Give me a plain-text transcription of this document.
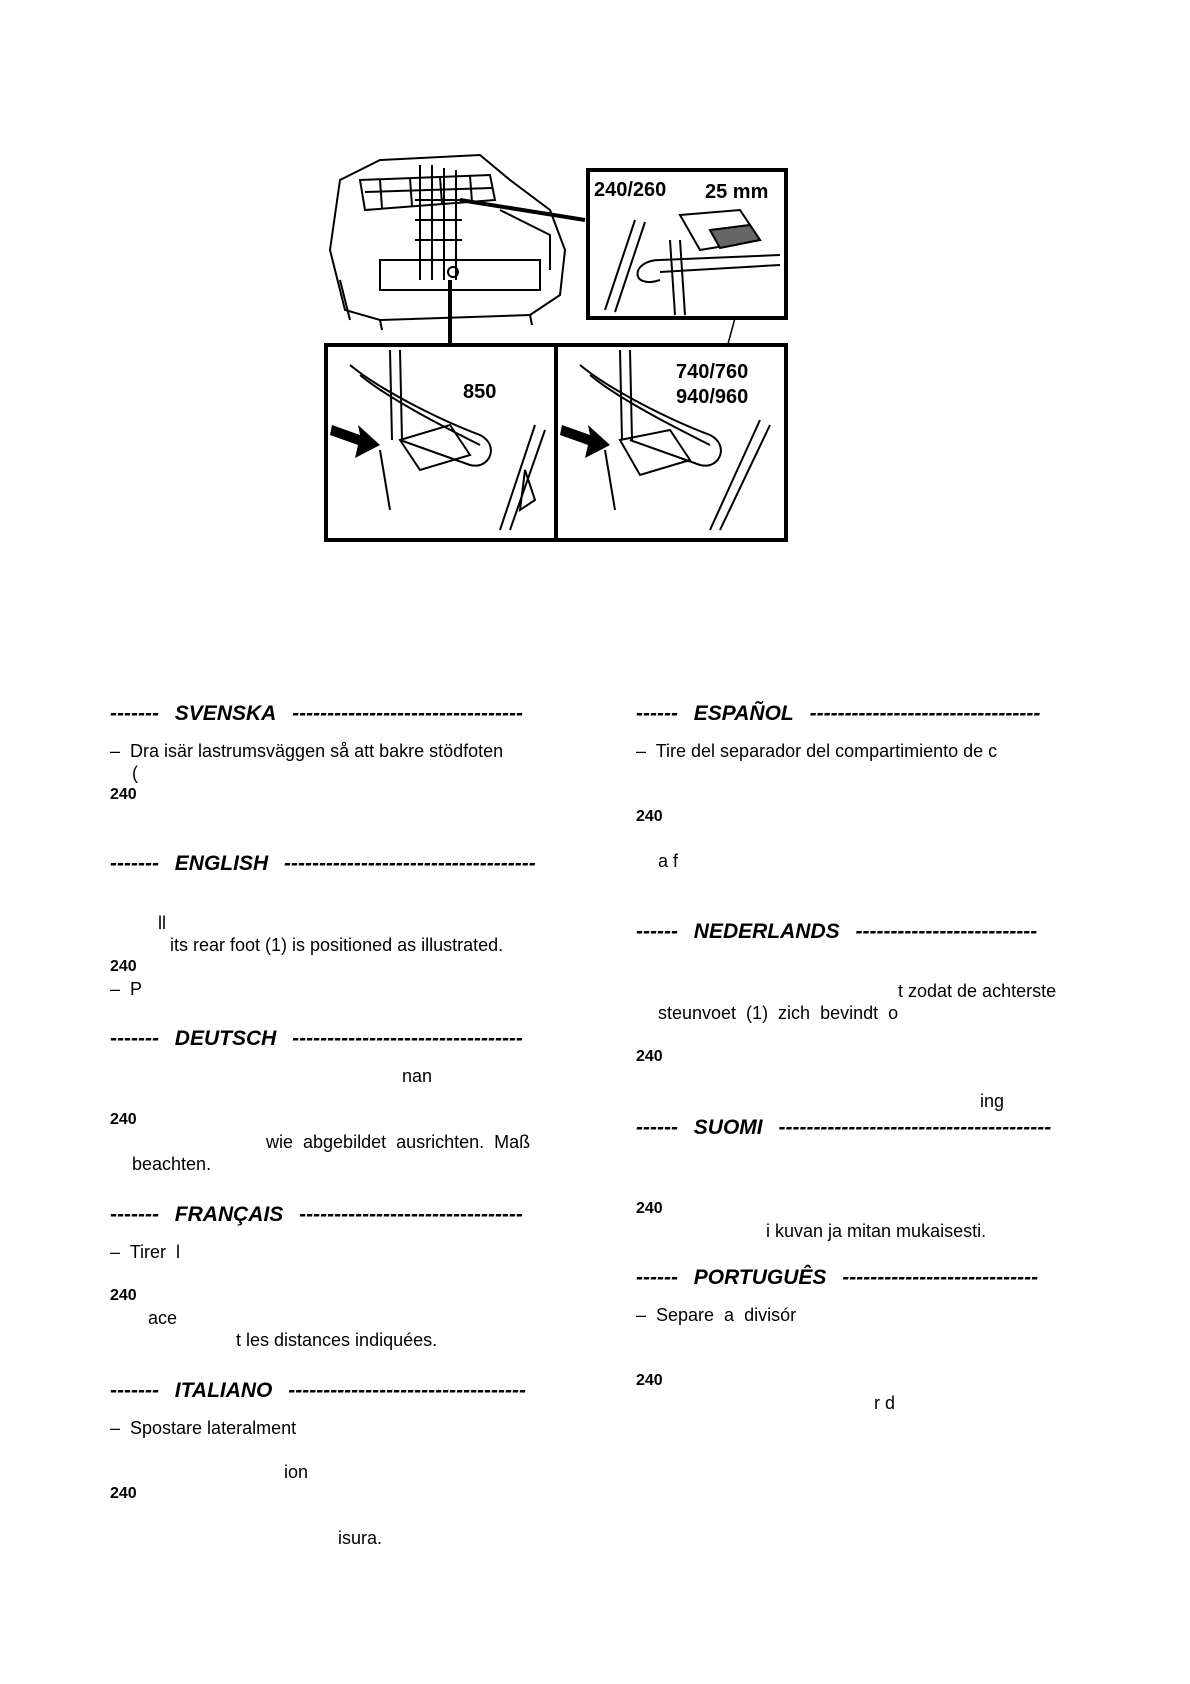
240/260 25 mm
850
740/760
940/960
------- SVENSKA ---------------------------------
–  Dra isär lastrumsväggen så att bakre stödfoten
(
240
------- ENGLISH ------------------------------------
ll
its rear foot (1) is positioned as illustrated.
240
–  P
------- DEUTSCH ---------------------------------
nan
240
wie  abgebildet  ausrichten.  Maß
beachten.
------- FRANÇAIS --------------------------------
–  Tirer  l
240
ace
t les distances indiquées.
------- ITALIANO ----------------------------------
–  Spostare lateralment
ion
240
isura.
------ ESPAÑOL ---------------------------------
–  Tire del separador del compartimiento de c
240
a f
------ NEDERLANDS --------------------------
t zodat de achterste
steunvoet  (1)  zich  bevindt  o
240
ing
------ SUOMI ---------------------------------------
240
i kuvan ja mitan mukaisesti.
------ PORTUGUÊS ----------------------------
–  Separe  a  divisór
240
r d
